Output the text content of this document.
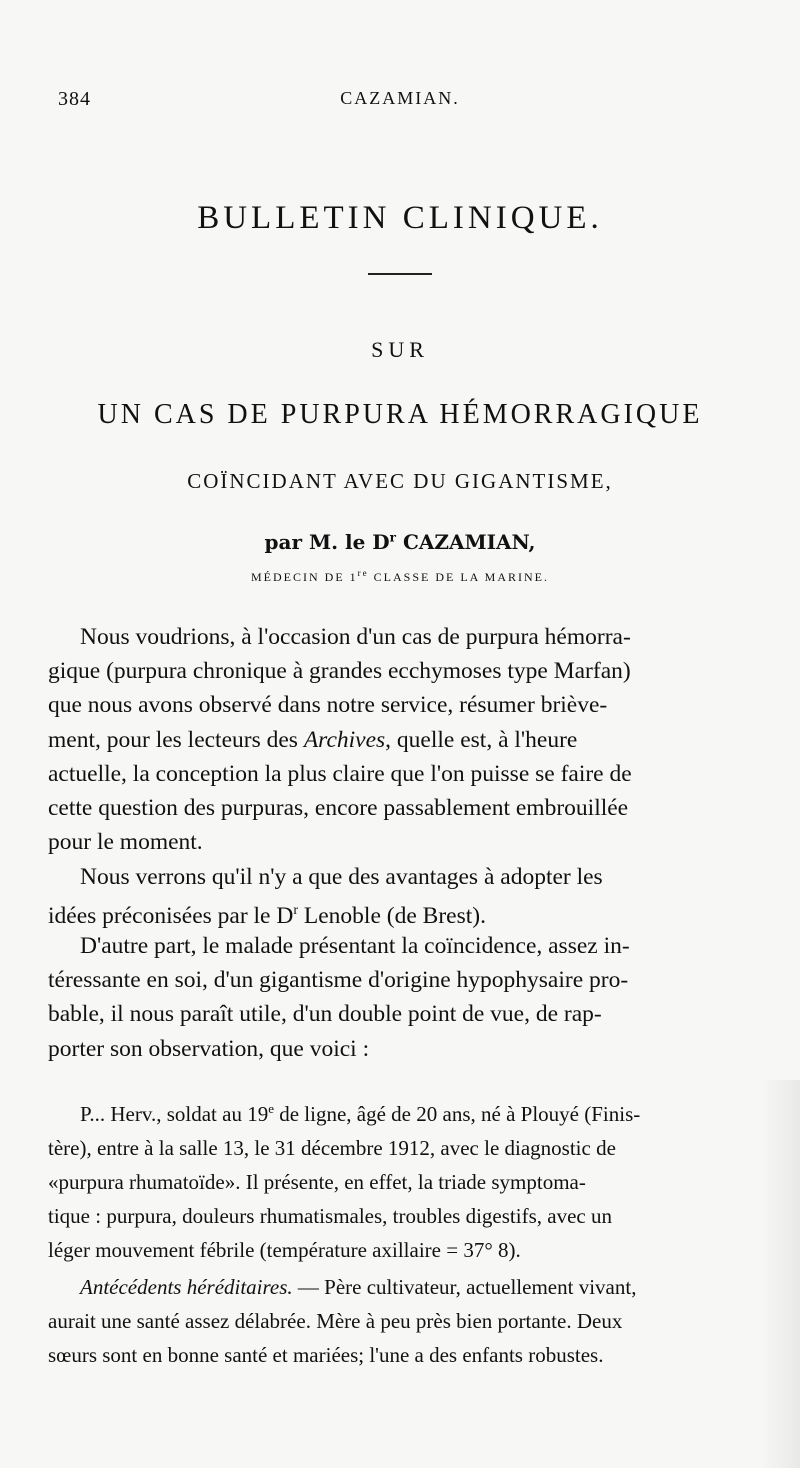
384	CAZAMIAN.
BULLETIN CLINIQUE.
SUR
UN CAS DE PURPURA HÉMORRAGIQUE
COÏNCIDANT AVEC DU GIGANTISME,
par M. le $D^r$ CAZAMIAN,
MÉDECIN DE 1re CLASSE DE LA MARINE.
Nous voudrions, à l'occasion d'un cas de purpura hémorra-
gique (purpura chronique à grandes ecchymoses type Marfan)
que nous avons observé dans notre service, résumer briève-
ment, pour les lecteurs des Archives, quelle est, à l'heure
actuelle, la conception la plus claire que l'on puisse se faire de
cette question des purpuras, encore passablement embrouillée
pour le moment.
Nous verrons qu'il n'y a que des avantages à adopter les
idées préconisées par le $D^r$ Lenoble (de Brest).
D'autre part, le malade présentant la coïncidence, assez in-
téressante en soi, d'un gigantisme d'origine hypophysaire pro-
bable, il nous paraît utile, d'un double point de vue, de rap-
porter son observation, que voici :
P... Herv., soldat au 19e de ligne, âgé de 20 ans, né à Plouyé (Finis-
tère), entre à la salle 13, le 31 décembre 1912, avec le diagnostic de
«purpura rhumatoïde». Il présente, en effet, la triade symptoma-
tique : purpura, douleurs rhumatismales, troubles digestifs, avec un
léger mouvement fébrile (température axillaire = 37° 8).
Antécédents héréditaires. — Père cultivateur, actuellement vivant,
aurait une santé assez délabrée. Mère à peu près bien portante. Deux
sœurs sont en bonne santé et mariées; l'une a des enfants robustes.
